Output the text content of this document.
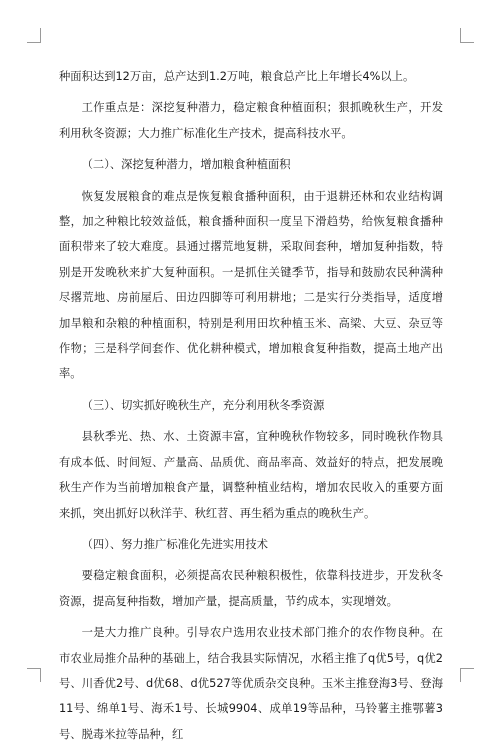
种面积达到12万亩，总产达到1.2万吨，粮食总产比上年增长4%以上。

工作重点是：深挖复种潜力，稳定粮食种植面积；狠抓晚秋生产，开发利用秋冬资源；大力推广标准化生产技术，提高科技水平。

（二）、深挖复种潜力，增加粮食种植面积

恢复发展粮食的难点是恢复粮食播种面积，由于退耕还林和农业结构调整，加之种粮比较效益低，粮食播种面积一度呈下滑趋势，给恢复粮食播种面积带来了较大难度。县通过撂荒地复耕，采取间套种，增加复种指数，特别是开发晚秋来扩大复种面积。一是抓住关键季节，指导和鼓励农民种满种尽撂荒地、房前屋后、田边四脚等可利用耕地；二是实行分类指导，适度增加旱粮和杂粮的种植面积，特别是利用田坎种植玉米、高梁、大豆、杂豆等作物；三是科学间套作、优化耕种模式，增加粮食复种指数，提高土地产出率。

（三）、切实抓好晚秋生产，充分利用秋冬季资源

县秋季光、热、水、土资源丰富，宜种晚秋作物较多，同时晚秋作物具有成本低、时间短、产量高、品质优、商品率高、效益好的特点，把发展晚秋生产作为当前增加粮食产量，调整种植业结构，增加农民收入的重要方面来抓，突出抓好以秋洋芋、秋红苕、再生稻为重点的晚秋生产。

（四）、努力推广标准化先进实用技术

要稳定粮食面积，必须提高农民种粮积极性，依靠科技进步，开发秋冬资源，提高复种指数，增加产量，提高质量，节约成本，实现增效。

一是大力推广良种。引导农户选用农业技术部门推介的农作物良种。在市农业局推介品种的基础上，结合我县实际情况，水稻主推了q优5号，q优2号、川香优2号、d优68、d优527等优质杂交良种。玉米主推登海3号、登海11号、绵单1号、海禾1号、长城9904、成单19等品种，马铃薯主推鄂薯3号、脱毒米拉等品种，红
